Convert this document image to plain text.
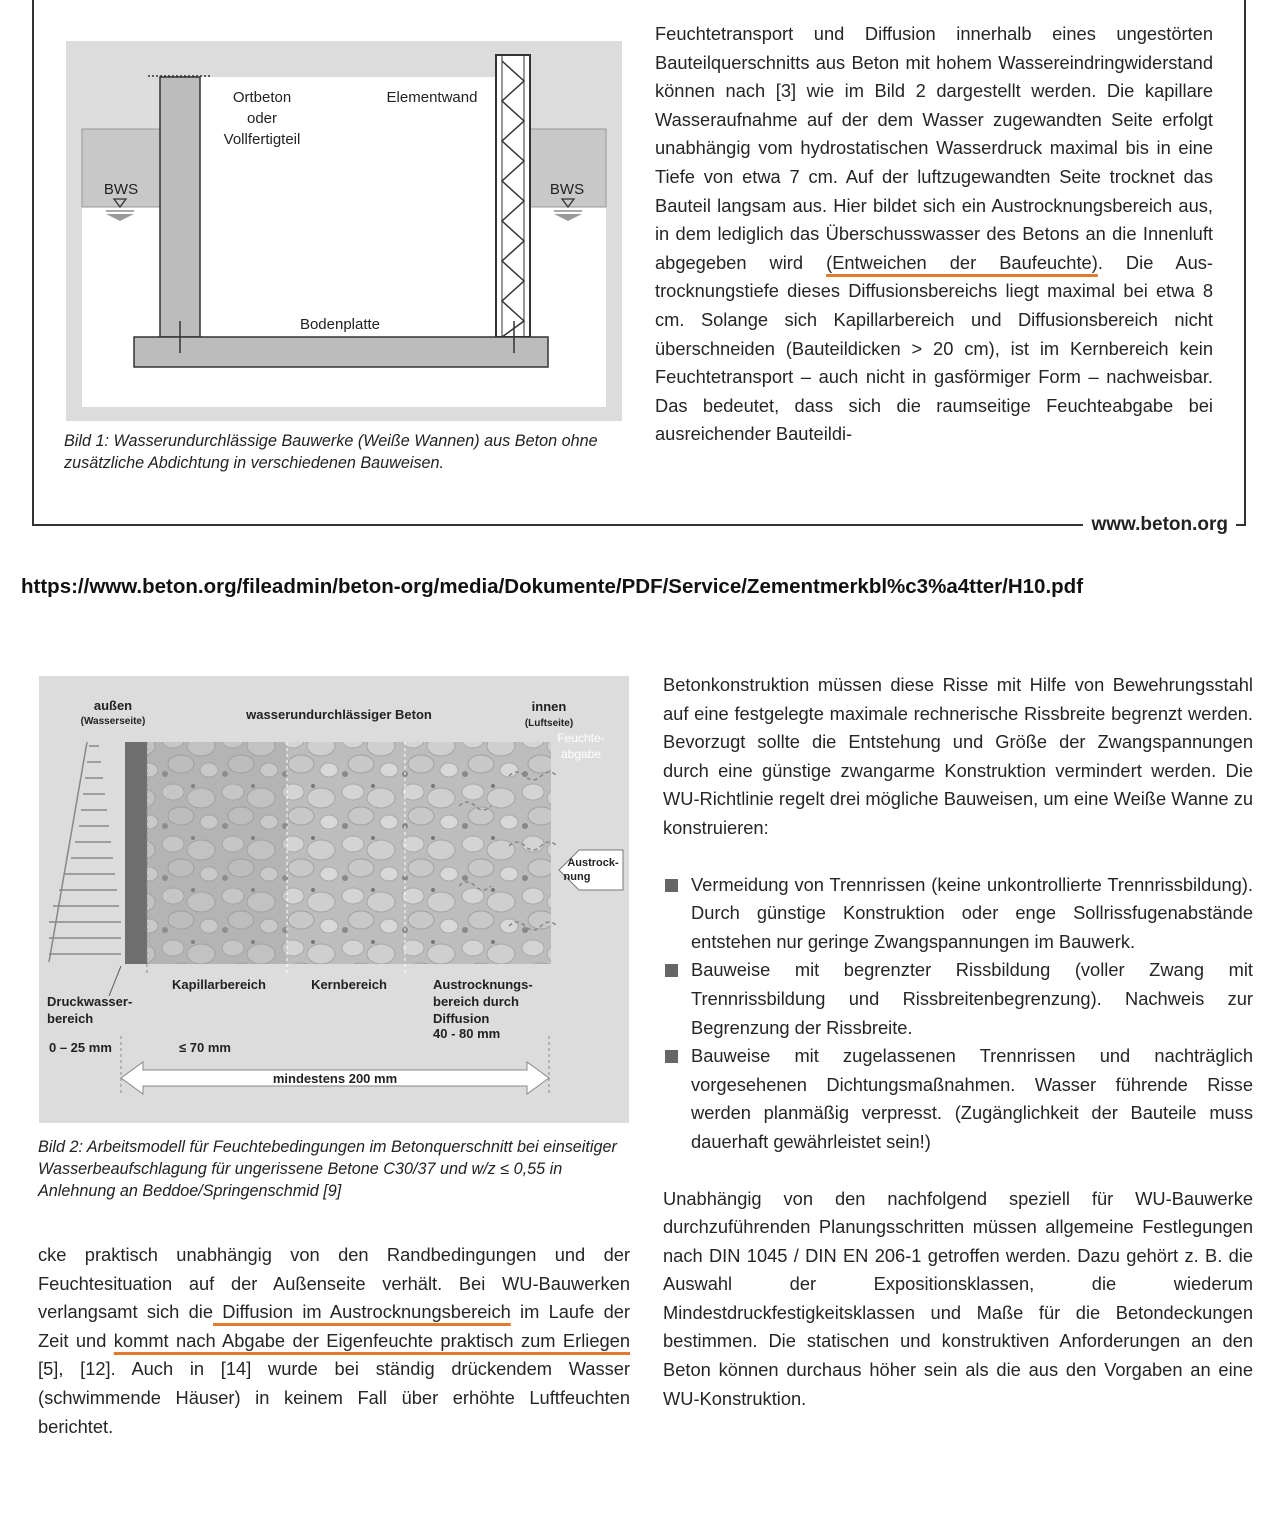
Ortbeton
oder
Vollfertigteil
Elementwand
BWS	BWS
Bodenplatte
Bild 1: Wasserundurchlässige Bauwerke (Weiße Wannen) aus Beton ohne zusätzliche Abdichtung in verschiedenen Bauweisen.
Feuchtetransport und Diffusion innerhalb eines ungestörten Bauteilquerschnitts aus Beton mit hohem Wassereindringwiderstand können nach [3] wie im Bild 2 dargestellt werden. Die kapillare Wasseraufnahme auf der dem Wasser zugewandten Seite erfolgt unabhängig vom hydrostatischen Wasserdruck maximal bis in eine Tiefe von etwa 7 cm. Auf der luftzugewandten Seite trocknet das Bauteil langsam aus. Hier bildet sich ein Austrocknungsbereich aus, in dem lediglich das Überschusswasser des Betons an die Innenluft abgegeben wird (Entweichen der Baufeuchte). Die Austrocknungstiefe dieses Diffusionsbereichs liegt maximal bei etwa 8 cm. Solange sich Kapillarbereich und Diffusionsbereich nicht überschneiden (Bauteildicken > 20 cm), ist im Kernbereich kein Feuchtetransport – auch nicht in gasförmiger Form – nachweisbar. Das bedeutet, dass sich die raumseitige Feuchteabgabe bei ausreichender Bauteildi-
www.beton.org
https://www.beton.org/fileadmin/beton-org/media/Dokumente/PDF/Service/Zementmerkbl%c3%a4tter/H10.pdf
außen
(Wasserseite)	wasserundurchlässiger Beton
innen
(Luftseite)
Feuchte-
abgabe
Austrock-
nung
Kapillarbereich	Kernbereich	Austrocknungs-
bereich durch
Diffusion
40 - 80 mm
Druckwasser-
bereich
0 – 25 mm	≤ 70 mm
mindestens 200 mm
Bild 2: Arbeitsmodell für Feuchtebedingungen im Betonquerschnitt bei einseitiger Wasserbeaufschlagung für ungerissene Betone C30/37 und w/z ≤ 0,55 in Anlehnung an Beddoe/Springenschmid [9]
cke praktisch unabhängig von den Randbedingungen und der Feuchtesituation auf der Außenseite verhält. Bei WU-Bauwerken verlangsamt sich die Diffusion im Austrocknungsbereich im Laufe der Zeit und kommt nach Abgabe der Eigenfeuchte praktisch zum Erliegen [5], [12]. Auch in [14] wurde bei ständig drückendem Wasser (schwimmende Häuser) in keinem Fall über erhöhte Luftfeuchten berichtet.
Betonkonstruktion müssen diese Risse mit Hilfe von Bewehrungsstahl auf eine festgelegte maximale rechnerische Rissbreite begrenzt werden. Bevorzugt sollte die Entstehung und Größe der Zwangspannungen durch eine günstige zwangarme Konstruktion vermindert werden. Die WU-Richtlinie regelt drei mögliche Bauweisen, um eine Weiße Wanne zu konstruieren:
Vermeidung von Trennrissen (keine unkontrollierte Trennrissbildung). Durch günstige Konstruktion oder enge Sollrissfugenabstände entstehen nur geringe Zwangspannungen im Bauwerk.
Bauweise mit begrenzter Rissbildung (voller Zwang mit Trennrissbildung und Rissbreitenbegrenzung). Nachweis zur Begrenzung der Rissbreite.
Bauweise mit zugelassenen Trennrissen und nachträglich vorgesehenen Dichtungsmaßnahmen. Wasser führende Risse werden planmäßig verpresst. (Zugänglichkeit der Bauteile muss dauerhaft gewährleistet sein!)
Unabhängig von den nachfolgend speziell für WU-Bauwerke durchzuführenden Planungsschritten müssen allgemeine Festlegungen nach DIN 1045 / DIN EN 206-1 getroffen werden. Dazu gehört z. B. die Auswahl der Expositionsklassen, die wiederum Mindestdruckfestigkeitsklassen und Maße für die Betondeckungen bestimmen. Die statischen und konstruktiven Anforderungen an den Beton können durchaus höher sein als die aus den Vorgaben an eine WU-Konstruktion.
